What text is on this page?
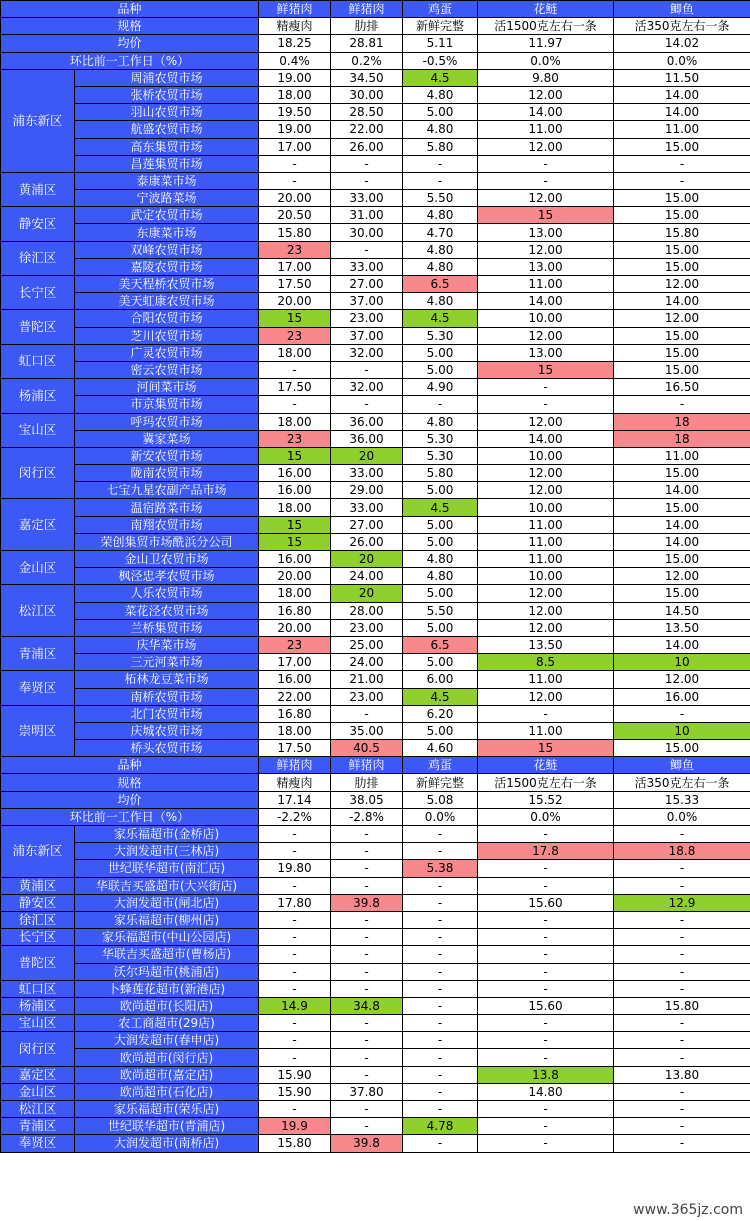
品种		鲜猪肉	鲜猪肉	鸡蛋	花鲢	鲫鱼
规格		精瘦肉	肋排	新鲜完整	活1500克左右一条	活350克左右一条
均价		18.25	28.81	5.11	11.97	14.02
环比前一工作日（%）		0.4%	0.2%	-0.5%	0.0%	0.0%
浦东新区	周浦农贸市场	19.00	34.50	4.5	9.80	11.50
	张桥农贸市场	18.00	30.00	4.80	12.00	14.00
	羽山农贸市场	19.50	28.50	5.00	14.00	14.00
	航盛农贸市场	19.00	22.00	4.80	11.00	11.00
	高东集贸市场	17.00	26.00	5.80	12.00	15.00
	昌莲集贸市场	-	-	-	-	-
黄浦区	泰康菜市场	-	-	-	-	-
	宁波路菜场	20.00	33.00	5.50	12.00	15.00
静安区	武定农贸市场	20.50	31.00	4.80	15	15.00
	东康菜市场	15.80	30.00	4.70	13.00	15.80
徐汇区	双峰农贸市场	23	-	4.80	12.00	15.00
	嘉陵农贸市场	17.00	33.00	4.80	13.00	15.00
长宁区	美天程桥农贸市场	17.50	27.00	6.5	11.00	12.00
	美天虹康农贸市场	20.00	37.00	4.80	14.00	14.00
普陀区	合阳农贸市场	15	23.00	4.5	10.00	12.00
	芝川农贸市场	23	37.00	5.30	12.00	15.00
虹口区	广灵农贸市场	18.00	32.00	5.00	13.00	15.00
	密云农贸市场	-	-	5.00	15	15.00
杨浦区	河间菜市场	17.50	32.00	4.90	-	16.50
	市京集贸市场	-	-	-	-	-
宝山区	呼玛农贸市场	18.00	36.00	4.80	12.00	18
	冀家菜场	23	36.00	5.30	14.00	18
闵行区	新安农贸市场	15	20	5.30	10.00	11.00
	陇南农贸市场	16.00	33.00	5.80	12.00	15.00
	七宝九星农副产品市场	16.00	29.00	5.00	12.00	14.00
嘉定区	温宿路菜市场	18.00	33.00	4.5	10.00	15.00
	南翔农贸市场	15	27.00	5.00	11.00	14.00
	荣创集贸市场酰浜分公司	15	26.00	5.00	11.00	14.00
金山区	金山卫农贸市场	16.00	20	4.80	11.00	15.00
	枫泾忠孝农贸市场	20.00	24.00	4.80	10.00	12.00
松江区	人乐农贸市场	18.00	20	5.00	12.00	15.00
	菜花泾农贸市场	16.80	28.00	5.50	12.00	14.50
	兰桥集贸市场	20.00	23.00	5.00	12.00	13.50
青浦区	庆华菜市场	23	25.00	6.5	13.50	14.00
	三元河菜市场	17.00	24.00	5.00	8.5	10
奉贤区	柘林龙豆菜市场	16.00	21.00	6.00	11.00	12.00
	南桥农贸市场	22.00	23.00	4.5	12.00	16.00
崇明区	北门农贸市场	16.80	-	6.20	-	-
	庆城农贸市场	18.00	35.00	5.00	11.00	10
	桥头农贸市场	17.50	40.5	4.60	15	15.00
品种		鲜猪肉	鲜猪肉	鸡蛋	花鲢	鲫鱼
规格		精瘦肉	肋排	新鲜完整	活1500克左右一条	活350克左右一条
均价		17.14	38.05	5.08	15.52	15.33
环比前一工作日（%）		-2.2%	-2.8%	0.0%	0.0%	0.0%
浦东新区	家乐福超市(金桥店)	-	-	-	-	-
	大润发超市(三林店)	-	-	-	17.8	18.8
	世纪联华超市(南汇店)	19.80	-	5.38	-	-
黄浦区	华联吉买盛超市(大兴街店)	-	-	-	-	-
静安区	大润发超市(闸北店)	17.80	39.8	-	15.60	12.9
徐汇区	家乐福超市(柳州店)	-	-	-	-	-
长宁区	家乐福超市(中山公园店)	-	-	-	-	-
普陀区	华联吉买盛超市(曹杨店)	-	-	-	-	-
	沃尔玛超市(桃浦店)	-	-	-	-	-
虹口区	卜蜂莲花超市(新港店)	-	-	-	-	-
杨浦区	欧尚超市(长阳店)	14.9	34.8	-	15.60	15.80
宝山区	农工商超市(29店)	-	-	-	-	-
闵行区	大润发超市(春申店)	-	-	-	-	-
	欧尚超市(闵行店)	-	-	-	-	-
嘉定区	欧尚超市(嘉定店)	15.90	-	-	13.8	13.80
金山区	欧尚超市(石化店)	15.90	37.80	-	14.80	-
松江区	家乐福超市(荣乐店)	-	-	-	-	-
青浦区	世纪联华超市(青浦店)	19.9	-	4.78	-	-
奉贤区	大润发超市(南桥店)	15.80	39.8	-	-	-
www.365jz.com
